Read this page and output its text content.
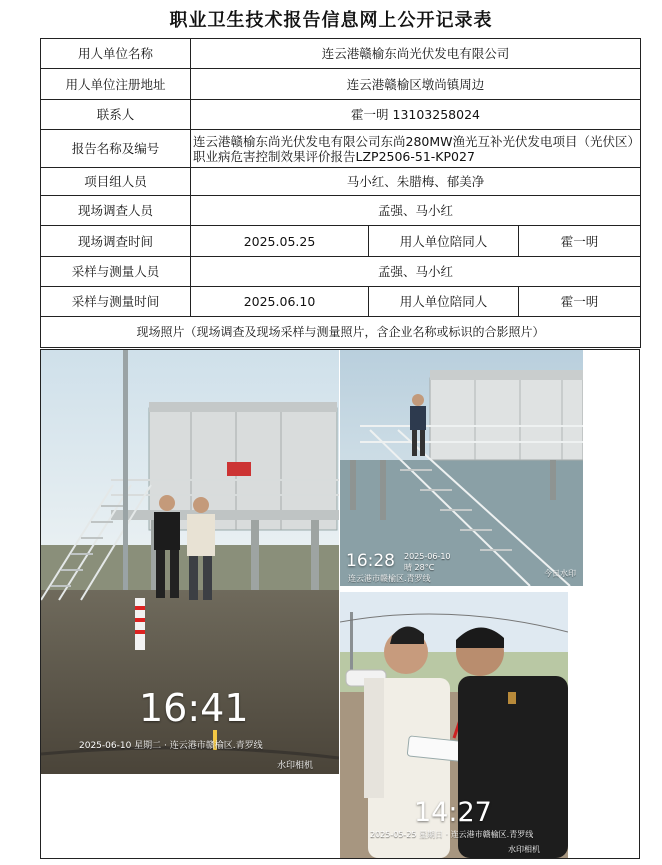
职业卫生技术报告信息网上公开记录表
用人单位名称	连云港赣榆东尚光伏发电有限公司		
用人单位注册地址	连云港赣榆区墩尚镇周边		
联系人	霍一明 13103258024		
报告名称及编号	连云港赣榆东尚光伏发电有限公司东尚280MW渔光互补光伏发电项目（光伏区）职业病危害控制效果评价报告LZP2506-51-KP027		
项目组人员	马小红、朱腊梅、郁美净		
现场调查人员	孟强、马小红		
现场调查时间	2025.05.25	用人单位陪同人	霍一明
采样与测量人员	孟强、马小红		
采样与测量时间	2025.06.10	用人单位陪同人	霍一明
现场照片（现场调查及现场采样与测量照片，含企业名称或标识的合影照片）			
16:41
2025-06-10 星期二 · 连云港市赣榆区.青罗线
水印相机
16:28 2025-06-10
晴 28°C
连云港市赣榆区.青罗线
今日水印
14:27
2025-05-25 星期日 · 连云港市赣榆区.青罗线
水印相机
